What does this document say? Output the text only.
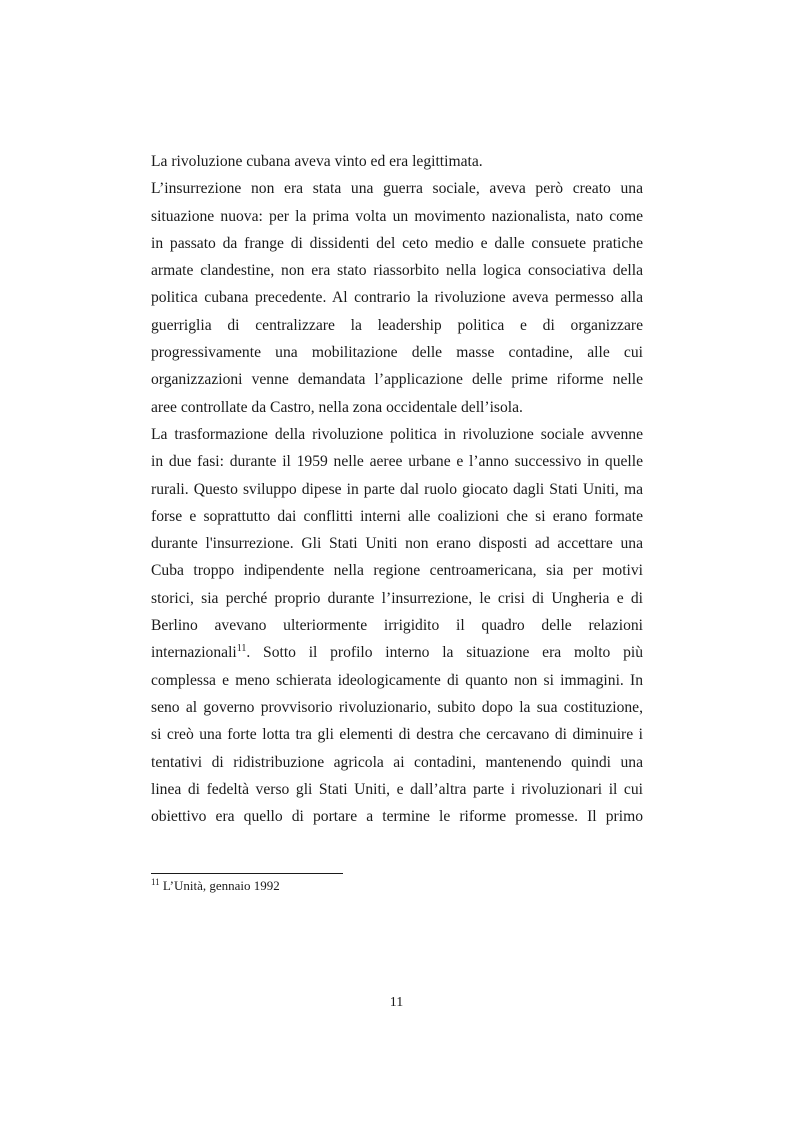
La rivoluzione cubana aveva vinto ed era legittimata.
L’insurrezione non era stata una guerra sociale, aveva però creato una
situazione nuova: per la prima volta un movimento nazionalista, nato come
in passato da frange di dissidenti del ceto medio e dalle consuete pratiche
armate clandestine, non era stato riassorbito nella logica consociativa della
politica cubana precedente. Al contrario la rivoluzione aveva permesso alla
guerriglia di centralizzare la leadership politica e di organizzare
progressivamente una mobilitazione delle masse contadine, alle cui
organizzazioni venne demandata l’applicazione delle prime riforme nelle
aree controllate da Castro, nella zona occidentale dell’isola.
La trasformazione della rivoluzione politica in rivoluzione sociale avvenne
in due fasi: durante il 1959 nelle aeree urbane e l’anno successivo in quelle
rurali. Questo sviluppo dipese in parte dal ruolo giocato dagli Stati Uniti, ma
forse e soprattutto dai conflitti interni alle coalizioni che si erano formate
durante l'insurrezione. Gli Stati Uniti non erano disposti ad accettare una
Cuba troppo indipendente nella regione centroamericana, sia per motivi
storici, sia perché proprio durante l’insurrezione, le crisi di Ungheria e di
Berlino avevano ulteriormente irrigidito il quadro delle relazioni
internazionali$^{11}$. Sotto il profilo interno la situazione era molto più
complessa e meno schierata ideologicamente di quanto non si immagini. In
seno al governo provvisorio rivoluzionario, subito dopo la sua costituzione,
si creò una forte lotta tra gli elementi di destra che cercavano di diminuire i
tentativi di ridistribuzione agricola ai contadini, mantenendo quindi una
linea di fedeltà verso gli Stati Uniti, e dall’altra parte i rivoluzionari il cui
obiettivo era quello di portare a termine le riforme promesse. Il primo
$^{11}$ L’Unità, gennaio 1992
11
